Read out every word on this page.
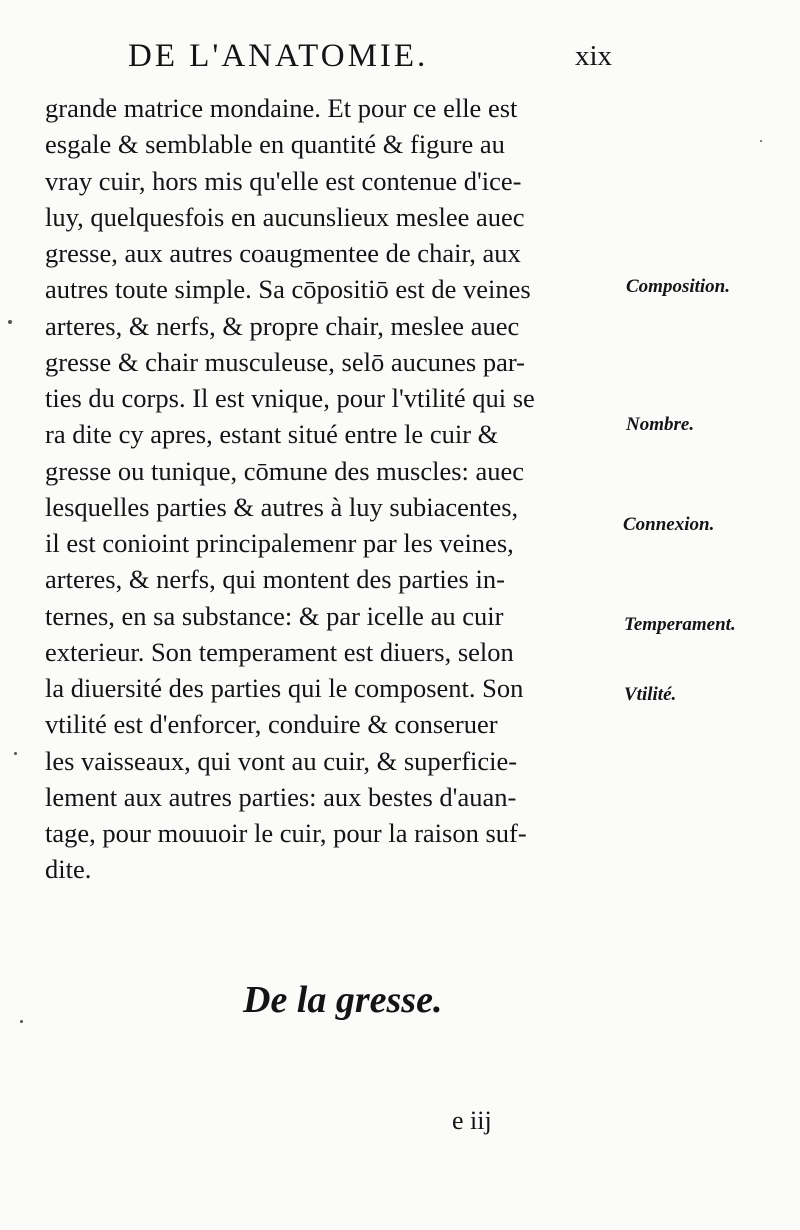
DE L'ANATOMIE.	xix
grande matrice mondaine. Et pour ce elle est
esgale & semblable en quantité & figure au
vray cuir, hors mis qu'elle est contenue d'ice-
luy, quelquesfois en aucunslieux meslee auec
gresse, aux autres coaugmentee de chair, aux
autres toute simple. Sa cōpositiō est de veines
arteres, & nerfs, & propre chair, meslee auec
gresse & chair musculeuse, selō aucunes par-
ties du corps. Il est vnique, pour l'vtilité qui se
ra dite cy apres, estant situé entre le cuir &
gresse ou tunique, cōmune des muscles: auec
lesquelles parties & autres à luy subiacentes,
il est conioint principalemenr par les veines,
arteres, & nerfs, qui montent des parties in-
ternes, en sa substance: & par icelle au cuir
exterieur. Son temperament est diuers, selon
la diuersité des parties qui le composent. Son
vtilité est d'enforcer, conduire & conseruer
les vaisseaux, qui vont au cuir, & superficie-
lement aux autres parties: aux bestes d'auan-
tage, pour mouuoir le cuir, pour la raison suf-
dite.
Composition.
Nombre.
Connexion.
Temperament.
Vtilité.
De la gresse.
e iij
